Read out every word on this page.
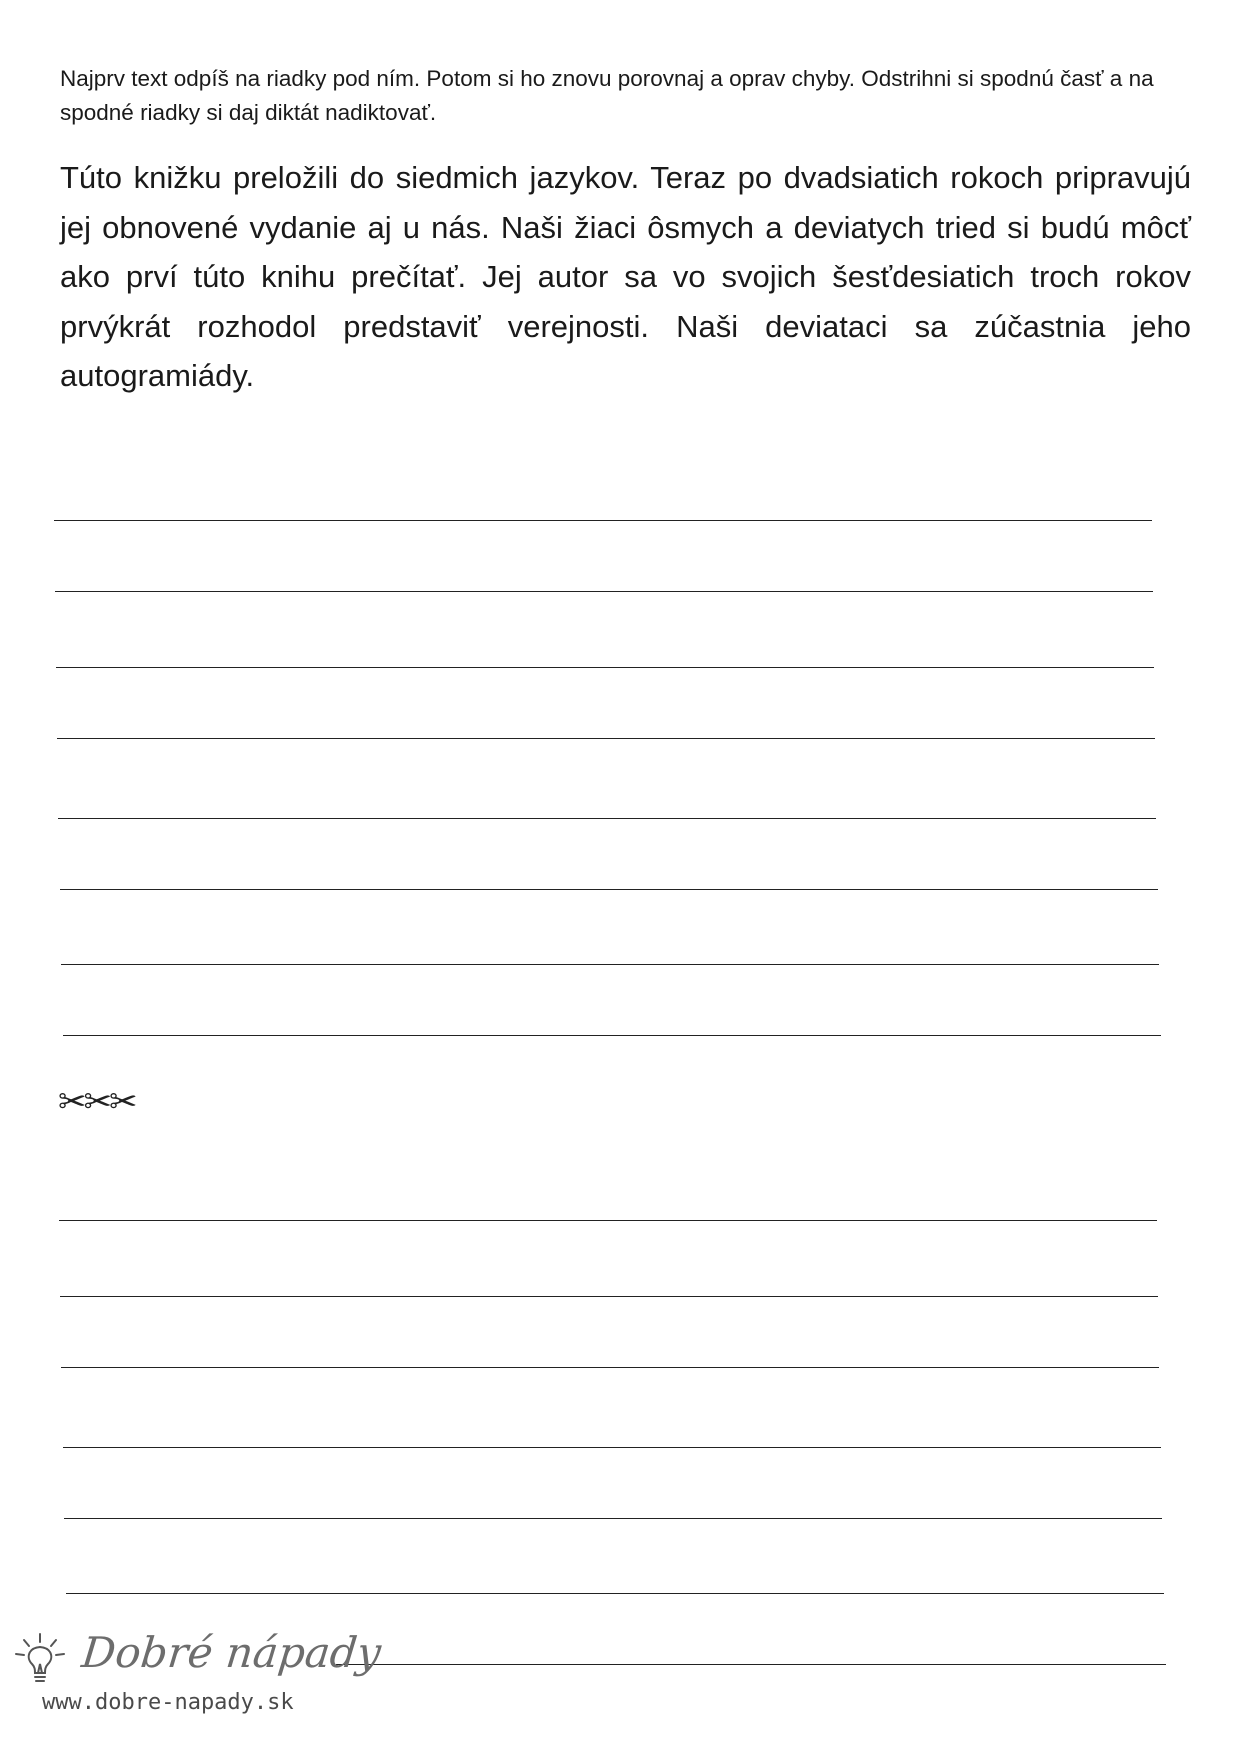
Najprv text odpíš na riadky pod ním. Potom si ho znovu porovnaj a oprav chyby. Odstrihni si spodnú časť a na spodné riadky si daj diktát nadiktovať.

Túto knižku preložili do siedmich jazykov. Teraz po dvadsiatich rokoch pripravujú jej obnovené vydanie aj u nás. Naši žiaci ôsmych a deviatych tried si budú môcť ako prví túto knihu prečítať. Jej autor sa vo svojich šesťdesiatich troch rokov prvýkrát rozhodol predstaviť verejnosti. Naši deviataci sa zúčastnia jeho autogramiády.

✂✂✂
Dobré nápady
www.dobre-napady.sk
